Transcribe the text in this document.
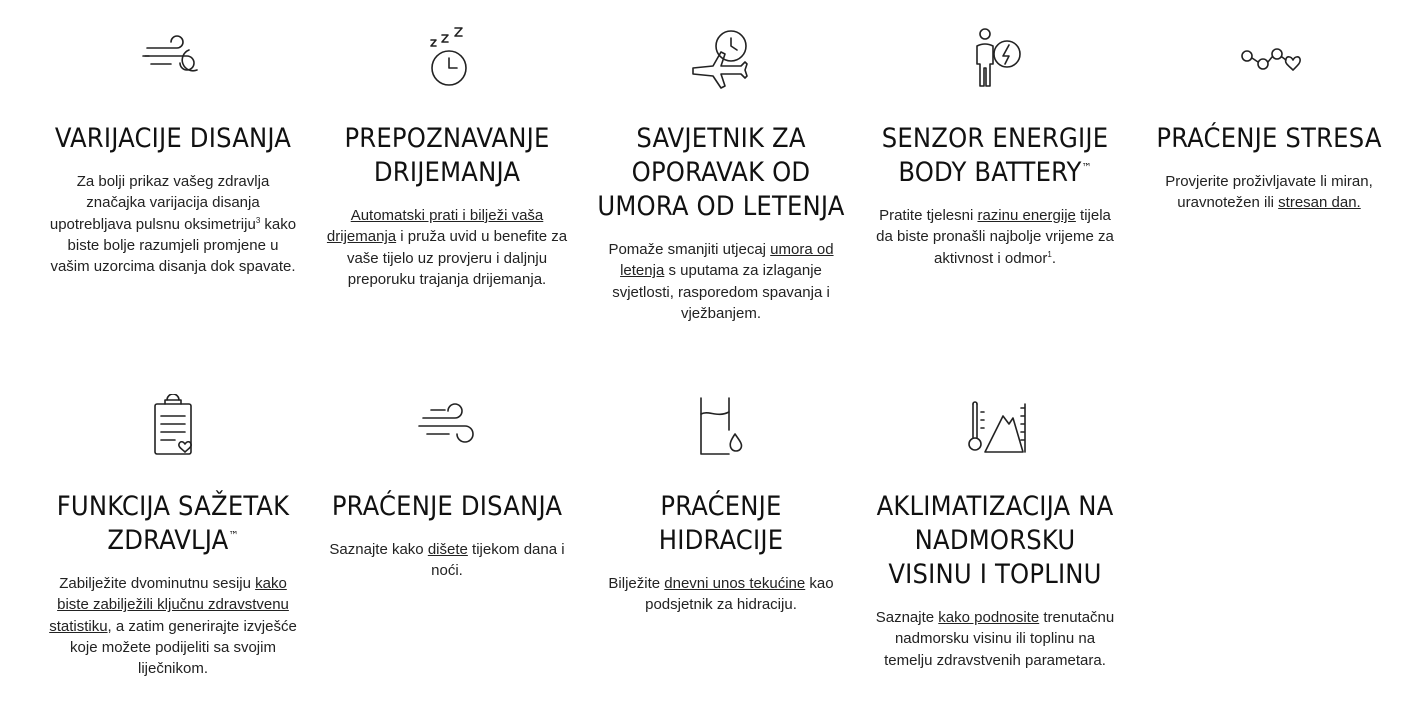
VARIJACIJE DISANJA
Za bolji prikaz vašeg zdravlja značajka varijacija disanja upotrebljava pulsnu oksimetriju$^3$ kako biste bolje razumjeli promjene u vašim uzorcima disanja dok spavate.
PREPOZNAVANJE DRIJEMANJA
Automatski prati i bilježi vaša drijemanja i pruža uvid u benefite za vaše tijelo uz provjeru i daljnju preporuku trajanja drijemanja.
SAVJETNIK ZA OPORAVAK OD UMORA OD LETENJA
Pomaže smanjiti utjecaj umora od letenja s uputama za izlaganje svjetlosti, rasporedom spavanja i vježbanjem.
SENZOR ENERGIJE BODY BATTERY™
Pratite tjelesni razinu energije tijela da biste pronašli najbolje vrijeme za aktivnost i odmor$^1$.
PRAĆENJE STRESA
Provjerite proživljavate li miran, uravnotežen ili stresan dan.
FUNKCIJA SAŽETAK ZDRAVLJA™
Zabilježite dvominutnu sesiju kako biste zabilježili ključnu zdravstvenu statistiku, a zatim generirajte izvješće koje možete podijeliti sa svojim liječnikom.
PRAĆENJE DISANJA
Saznajte kako dišete tijekom dana i noći.
PRAĆENJE HIDRACIJE
Bilježite dnevni unos tekućine kao podsjetnik za hidraciju.
AKLIMATIZACIJA NA NADMORSKU VISINU I TOPLINU
Saznajte kako podnosite trenutačnu nadmorsku visinu ili toplinu na temelju zdravstvenih parametara.
